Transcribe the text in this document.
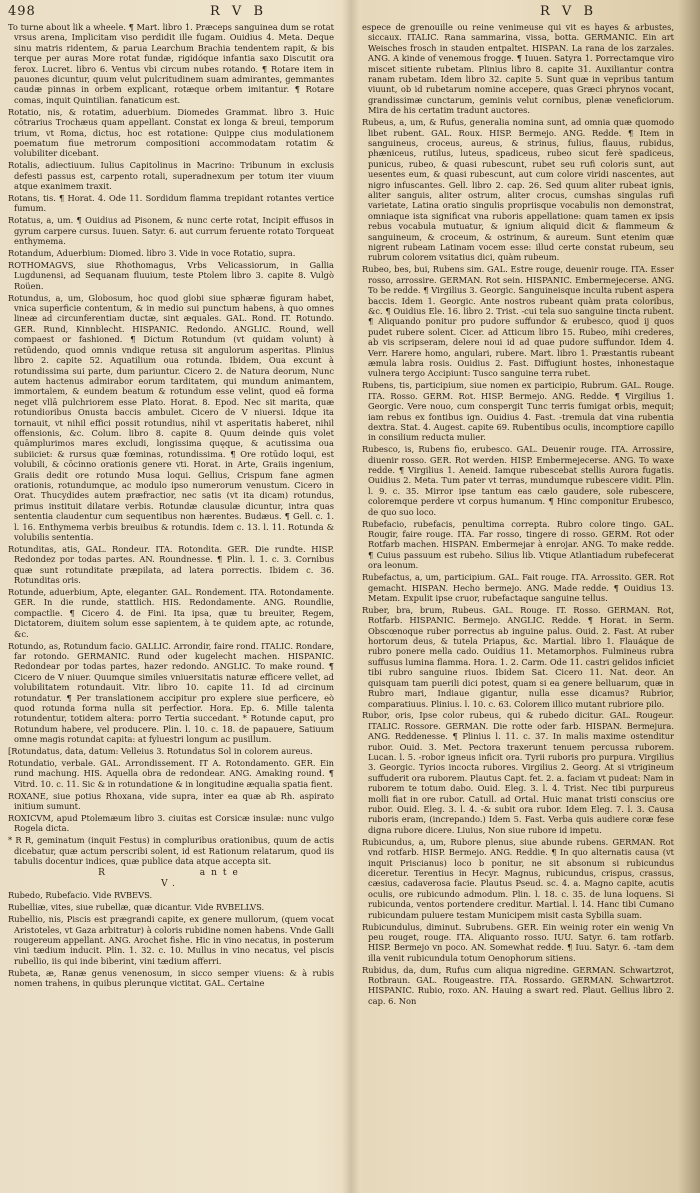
498	R V B	R V B

To turne about lik a wheele. ¶ Mart. libro 1. Præceps sanguinea dum se rotat vrsus arena, Implicitam viso perdidit ille fugam. Ouidius 4. Meta. Deque sinu matris ridentem, & parua Learchum Brachia tendentem rapit, & bis terque per auras More rotat fundæ, rigidóque infantia saxo Discutit ora ferox. Lucret. libro 6. Ventus vbi circum nubes rotando. ¶ Rotare item in pauones dicuntur, quum velut pulcritudinem suam admirantes, gemmantes caudæ pinnas in orbem explicant, rotæque orbem imitantur. ¶ Rotare comas, inquit Quintilian. fanaticum est.

Rotatio, nis, & rotatim, aduerbium. Diomedes Grammat. libro 3. Huic cōtrarius Trochæus quam appellant. Constat ex longa & breui, temporum trium, vt Roma, dictus, hoc est rotatione: Quippe cius modulationem poematum fiue metrorum compositioni accommodatam rotatim & volubiliter dicebant.

Rotalis, adiectiuum. Iulius Capitolinus in Macrino: Tribunum in exclusis defesti passus est, carpento rotali, superadnexum per totum iter viuum atque exanimem traxit.

Rotans, tis. ¶ Horat. 4. Ode 11. Sordidum flamma trepidant rotantes vertice fumum.

Rotatus, a, um. ¶ Ouidius ad Pisonem, & nunc certe rotat, Incipit effusos in gyrum carpere cursus. Iuuen. Satyr. 6. aut currum feruente rotato Torqueat enthymema.

Rotandum, Aduerbium: Diomed. libro 3. Vide in voce Rotatio, supra.

ROTHOMAGVS, siue Rhothomagus, Vrbs Velicassiorum, in Gallia Lugdunensi, ad Sequanam fluuium, teste Ptolem libro 3. capite 8. Vulgò Roüen.

Rotundus, a, um, Globosum, hoc quod globi siue sphæræ figuram habet, vnica superficie contentum, & in medio sui punctum habens, à quo omnes lineæ ad circunferentiam ductæ, sint æquales. GAL. Rond. IT. Rotundo. GER. Rund, Kinnblecht. HISPANIC. Redondo. ANGLIC. Round, well compaest or fashioned. ¶ Dictum Rotundum (vt quidam volunt) à retūdendo, quod omnis vndique retusa sit angulorum asperitas. Plinius libro 2. capite 52. Aquatilium oua rotunda. Ibidem, Oua excunt à rotundissima sui parte, dum pariuntur. Cicero 2. de Natura deorum, Nunc autem hactenus admirabor eorum tarditatem, qui mundum animantem, immortalem, & eundem beatum & rotundum esse velint, quod eā forma neget vllā pulchriorem esse Plato. Horat. 8. Epod. Nec sit marita, quæ rotundioribus Onusta baccis ambulet. Cicero de V niuersi. Idque ita tornauit, vt nihil effici possit rotundius, nihil vt asperitatis haberet, nihil offensionis, &c. Colum. libro 8. capite 8. Quum deinde quis volet quāmplurimos mares excludi, longissima quęque, & acutissima oua subiiciet: & rursus quæ fœminas, rotundissima. ¶ Ore rotūdo loqui, est volubili, & cōcinno orationis genere vti. Horat. in Arte, Graiis ingenium, Graiis dedit ore rotundo Musa loqui. Gellius, Crispum fane agmen orationis, rotundumque, ac modulo ipso numerorum venustum. Cicero in Orat. Thucydides autem præfractior, nec satis (vt ita dicam) rotundus, primus instituit dilatare verbis. Rotundæ clausulæ dicuntur, intra quas sententia claudentur cum sequentibus non hærentes. Budæus. ¶ Gell. c. 1. l. 16. Enthymema verbis breuibus & rotundis. Idem c. 13. l. 11. Rotunda & volubilis sententia.

Rotunditas, atis, GAL. Rondeur. ITA. Rotondita. GER. Die rundte. HISP. Redondez por todas partes. AN. Roundnesse. ¶ Plin. l. 1. c. 3. Cornibus quæ sunt rotunditate præpilata, ad latera porrectis. Ibidem c. 36. Rotunditas oris.

Rotunde, aduerbium, Apte, eleganter. GAL. Rondement. ITA. Rotondamente. GER. In die runde, stattlich. HIS. Redondamente. ANG. Roundlie, compactlie. ¶ Cicero 4. de Fini. Ita ipsa, quæ tu breuiter, Regem, Dictatorem, diuitem solum esse sapientem, à te quidem apte, ac rotunde, &c.

Rotundo, as, Rotundum facio. GALLIC. Arrondir, faire rond. ITALIC. Rondare, far rotondo. GERMANIC. Rund oder kugelecht machen. HISPANIC. Redondear por todas partes, hazer redondo. ANGLIC. To make round. ¶ Cicero de V niuer. Quumque similes vniuersitatis naturæ efficere vellet, ad volubilitatem rotundauit. Vitr. libro 10. capite 11. Id ad circinum rotundatur. ¶ Per translationem accipitur pro explere siue perficere, eò quod rotunda forma nulla sit perfectior. Hora. Ep. 6. Mille talenta rotundentur, totidem altera: porro Tertia succedant. * Rotunde caput, pro Rotundum habere, vel producere. Plin. l. 10. c. 18. de papauere, Satiuum omne magis rotundat capita: at fyluestri longum ac pusillum.

[Rotundatus, data, datum: Velleius 3. Rotundatus Sol in colorem aureus.

Rotundatio, verbale. GAL. Arrondissement. IT A. Rotondamento. GER. Ein rund machung. HIS. Aquella obra de redondear. ANG. Amaking round. ¶ Vitrd. 10. c. 11. Sic & in rotundatione & in longitudine æqualia spatia fient.

ROXANE, siue potius Rhoxana, vide supra, inter ea quæ ab Rh. aspirato initium sumunt.

ROXICVM, apud Ptolemæum libro 3. ciuitas est Corsicæ insulæ: nunc vulgo Rogela dicta.

* R R, geminatum (inquit Festus) in compluribus orationibus, quum de actis dicebatur, quæ actum perscribi solent, id est Rationum relatarum, quod iis tabulis docentur indices, quæ publice data atque accepta sit.

R	ante V.

Rubedo, Rubefacio. Vide RVBEVS.

Rubelliæ, vites, siue rubellæ, quæ dicantur. Vide RVBELLVS.

Rubellio, nis, Piscis est prægrandi capite, ex genere mullorum, (quem vocat Aristoteles, vt Gaza arbitratur) à coloris rubidine nomen habens. Vnde Galli rougereum appellant. ANG. Arochet fishe. Hic in vino necatus, in posterum vini tædium inducit. Plin. 1. 32. c. 10. Mullus in vino necatus, vel piscis rubellio, iis qui inde biberint, vini tædium afferri.

Rubeta, æ, Ranæ genus venenosum, in sicco semper viuens: & à rubis nomen trahens, in quibus plerunque victitat. GAL. Certaine

espece de grenouille ou reine venimeuse qui vit es hayes & arbustes, siccaux. ITALIC. Rana sammarina, vissa, botta. GERMANIC. Ein art Weisches frosch in stauden entpaltet. HISPAN. La rana de los zarzales. ANG. A kinde of venemous frogge. ¶ Iuuen. Satyra 1. Porrectamque viro miscet sitiente rubetam. Plinius libro 8. capite 31. Auxiliantur contra ranam rubetam. Idem libro 32. capite 5. Sunt quæ in vepribus tantum viuunt, ob id rubetarum nomine accepere, quas Græci phrynos vocant, grandissimæ cunctarum, geminis velut cornibus, plenæ veneficiorum. Mira de his certatim tradunt auctores.

Rubeus, a, um, & Rufus, generalia nomina sunt, ad omnia quæ quomodo libet rubent. GAL. Roux. HISP. Bermejo. ANG. Redde. ¶ Item in sanguineus, croceus, aureus, & strinus, fulius, flauus, rubidus, phæniceus, rutilus, luteus, spadiceus, rubeo sicut ferè spadiceus, punicus, rubeo, & quasi rubescunt, rubet seu rufi coloris sunt, aut uesentes eum, & quasi rubescunt, aut cum colore viridi nascentes, aut nigro infuscantes. Gell. libro 2. cap. 26. Sed quum aliter rubeat ignis, aliter sanguis, aliter ostrum, aliter crocus, cumshas singulas rufi varietate, Latina oratio singulis propriisque vocabulis non demonstrat, omniaque ista significat vna ruboris appellatione: quam tamen ex ipsis rebus vocabula mutuatur, & ignium aliquid dicit & flammeum & sanguineum, & croceum, & ostrinum, & aureum. Sunt etenim quæ nigrent rubeam Latinam vocem esse: illud certe constat rubeum, seu rubrum colorem vsitatius dici, quàm rubeum.

Rubeo, bes, bui, Rubens sim. GAL. Estre rouge, deuenir rouge. ITA. Esser rosso, arrossire. GERMAN. Rot sein. HISPANIC. Embermejecerse. ANG. To be redde. ¶ Virgilius 3. Georgic. Sanguineisque inculta rubent aspera baccis. Idem 1. Georgic. Ante nostros rubeant quàm prata coloribus, &c. ¶ Ouidius Ele. 16. libro 2. Trist. -cui tela suo sanguine tincta rubent. ¶ Aliquando ponitur pro pudore suffundor & erubesco, quod ij quos pudet rubere solent. Cicer. ad Atticum libro 15. Rubeo, mihi crederes, ab vis scripseram, delere noui id ad quae pudore suffundor. Idem 4. Verr. Harere homo, angulari, rubere. Mart. libro 1. Præstantis rubeant æmula labra rosis. Ouidius 2. Fast. Diffugiunt hostes, inhonestaque vulnera tergo Accipiunt: Tusco sanguine terra rubet.

Rubens, tis, participium, siue nomen ex participio, Rubrum. GAL. Rouge. ITA. Rosso. GERM. Rot. HISP. Bermejo. ANG. Redde. ¶ Virgilius 1. Georgic. Vere nouo, cum conspergit Tunc terris fumigat orbis, mequit; iam rebus ex fontibus ign. Ouidius 4. Fast. -tremula dat vina rubentia dextra. Stat. 4. Augest. capite 69. Rubentibus oculis, incomptiore capillo in consilium reducta mulier.

Rubesco, is, Rubens fio, erubesco. GAL. Deuenir rouge. ITA. Arrossire, diuenir rosso. GER. Rot werden. HISP. Embermejecerse. ANG. To waxe redde. ¶ Virgilius 1. Aeneid. Iamque rubescebat stellis Aurora fugatis. Ouidius 2. Meta. Tum pater vt terras, mundumque rubescere vidit. Plin. l. 9. c. 35. Mirror ipse tantum eas cælo gaudere, sole rubescere, coloremque perdere vt corpus humanum. ¶ Hinc componitur Erubesco, de quo suo loco.

Rubefacio, rubefacis, penultima correpta. Rubro colore tingo. GAL. Rougir, faire rouge. ITA. Far rosso, tingere di rosso. GERM. Rot oder Rotfarb machen. HISPAN. Embermejar à enrojar. ANG. To make redde. ¶ Cuius passuum est rubeho. Silius lib. Vtique Atlantiadum rubefecerat ora leonum.

Rubefactus, a, um, participium. GAL. Fait rouge. ITA. Arrossito. GER. Rot gemacht. HISPAN. Hecho bermejo. ANG. Made redde. ¶ Ouidius 13. Metam. Expulit ipse cruor, rubefactaque sanguine tellus.

Ruber, bra, brum, Rubeus. GAL. Rouge. IT. Rosso. GERMAN. Rot, Rotfarb. HISPANIC. Bermejo. ANGLIC. Redde. ¶ Horat. in Serm. Obscœnoque ruber porrectus ab inguine palus. Ouid. 2. Fast. At ruber hortorum deus, & tutela Priapus, &c. Martial. libro 1. Flauáque de rubro ponere mella cado. Ouidius 11. Metamorphos. Fulmineus rubra suffusus lumina flamma. Hora. 1. 2. Carm. Ode 11. castri gelidos inficiet tibi rubro sanguine riuos. Ibidem Sat. Cicero 11. Nat. deor. An quisquam tam puerili dici potest, quam si ea genere belluarum, quæ in Rubro mari, Indiaue gigantur, nulla esse dicamus? Rubrior, comparatiuus. Plinius. l. 10. c. 63. Colorem illico mutant rubriore pilo.

Rubor, oris, Ipse color rubeus, qui & rubedo dicitur. GAL. Rougeur. ITALIC. Rossore. GERMAN. Die rotte oder farb. HISPAN. Bermejura. ANG. Reddenesse. ¶ Plinius l. 11. c. 37. In malis maxime ostenditur rubor. Ouid. 3. Met. Pectora traxerunt tenuem percussa ruborem. Lucan. l. 5. -robor igneus inficit ora. Tyrii ruboris pro purpura. Virgilius 3. Georgic. Tyrios incocta rubores. Virgilius 2. Georg. At si vtrigineum suffuderit ora ruborem. Plautus Capt. fet. 2. a. faciam vt pudeat: Nam in ruborem te totum dabo. Ouid. Eleg. 3. l. 4. Trist. Nec tibi purpureus molli fiat in ore rubor. Catull. ad Ortal. Huic manat tristi conscius ore rubor. Ouid. Eleg. 3. l. 4. -& subit ora rubor. Idem Eleg. 7. l. 3. Causa ruboris eram, (increpando.) Idem 5. Fast. Verba quis audiere coræ fese digna rubore dicere. Liuius, Non siue rubore id impetu.

Rubicundus, a, um, Rubore plenus, siue abunde rubens. GERMAN. Rot vnd rotfarb. HISP. Bermejo. ANG. Reddie. ¶ In quo alternatis causa (vt inquit Priscianus) loco b ponitur, ne sit absonum si rubicundus diceretur. Terentius in Hecyr. Magnus, rubicundus, crispus, crassus, cæsius, cadaverosa facie. Plautus Pseud. sc. 4. a. Magno capite, acutis oculis, ore rubicundo admodum. Plin. l. 18. c. 35. de luna loquens. Si rubicunda, ventos portendere creditur. Martial. l. 14. Hanc tibi Cumano rubicundam puluere testam Municipem misit casta Sybilla suam.

Rubicundulus, diminut. Subrubens. GER. Ein weinig roter ein wenig Vn peu rouget, rouge. ITA. Aliquanto rosso. IUU. Satyr. 6. tam rotfarb. HISP. Bermejo vn poco. AN. Somewhat redde. ¶ Iuu. Satyr. 6. -tam dem illa venit rubicundula totum Oenophorum sitiens.

Rubidus, da, dum, Rufus cum aliqua nigredine. GERMAN. Schwartzrot, Rotbraun. GAL. Rougeastre. ITA. Rossardo. GERMAN. Schwartzrot. HISPANIC. Rubio, roxo. AN. Hauing a swart red. Plaut. Gellius libro 2. cap. 6. Non
